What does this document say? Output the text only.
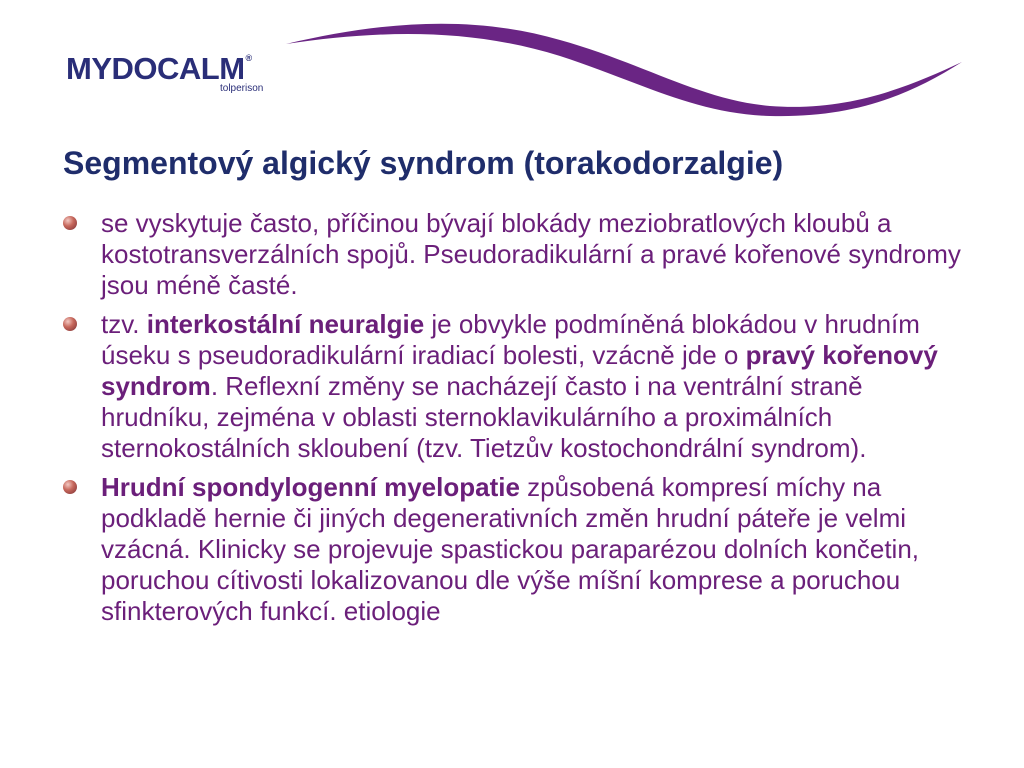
MYDOCALM®
tolperison
Segmentový algický syndrom (torakodorzalgie)
se vyskytuje často, příčinou bývají blokády meziobratlových kloubů a kostotransverzálních spojů. Pseudoradikulární a pravé kořenové syndromy jsou méně časté.
tzv. interkostální neuralgie je obvykle podmíněná blokádou v hrudním úseku s pseudoradikulární iradiací bolesti, vzácně jde o pravý kořenový syndrom. Reflexní změny se nacházejí často i na ventrální straně hrudníku, zejména v oblasti sternoklavikulárního a proximálních sternokostálních skloubení (tzv. Tietzův kostochondrální syndrom).
Hrudní spondylogenní myelopatie způsobená kompresí míchy na podkladě hernie či jiných degenerativních změn hrudní páteře je velmi vzácná. Klinicky se projevuje spastickou paraparézou dolních končetin, poruchou cítivosti lokalizovanou dle výše míšní komprese a poruchou sfinkterových funkcí. etiologie
